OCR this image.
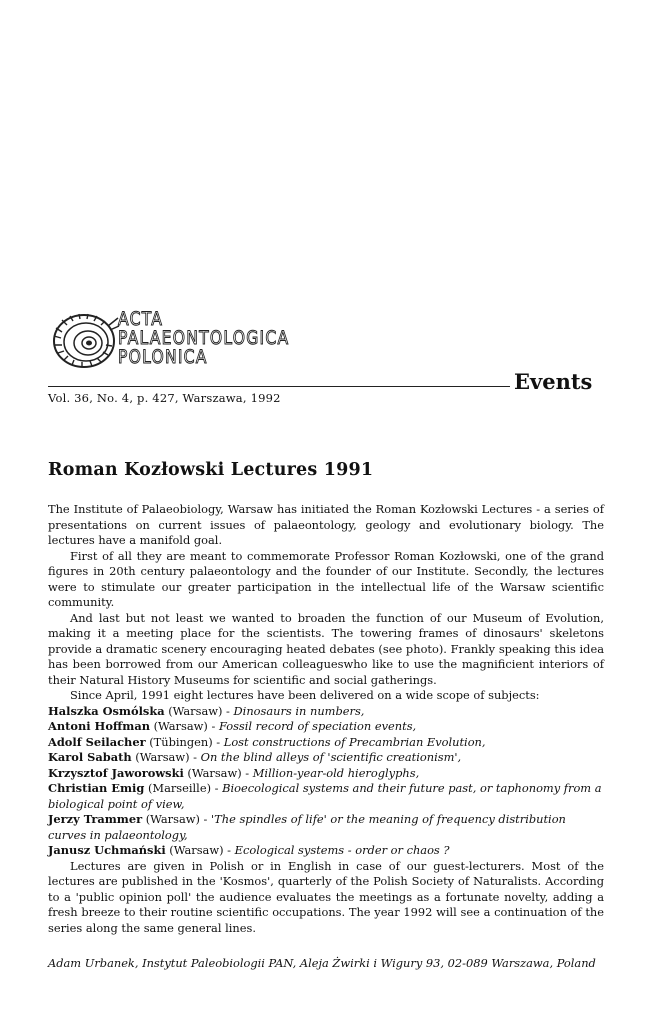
ACTA
PALAEONTOLOGICA
POLONICA
Events
Vol. 36, No. 4, p. 427, Warszawa, 1992
Roman Kozłowski Lectures 1991

The Institute of Palaeobiology, Warsaw has initiated the Roman Kozłowski Lectures - a series of presentations on current issues of palaeontology, geology and evolutionary biology. The lectures have a manifold goal.

First of all they are meant to commemorate Professor Roman Kozłowski, one of the grand figures in 20th century palaeontology and the founder of our Institute. Secondly, the lectures were to stimulate our greater participation in the intellectual life of the Warsaw scientific community.

And last but not least we wanted to broaden the function of our Museum of Evolution, making it a meeting place for the scientists. The towering frames of dinosaurs' skeletons provide a dramatic scenery encouraging heated debates (see photo). Frankly speaking this idea has been borrowed from our American colleagueswho like to use the magnificient interiors of their Natural History Museums for scientific and social gatherings.

Since April, 1991 eight lectures have been delivered on a wide scope of subjects:

Halszka Osmólska (Warsaw) - Dinosaurs in numbers,

Antoni Hoffman (Warsaw) - Fossil record of speciation events,

Adolf Seilacher (Tübingen) - Lost constructions of Precambrian Evolution,

Karol Sabath (Warsaw) - On the blind alleys of 'scientific creationism',

Krzysztof Jaworowski (Warsaw) - Million-year-old hieroglyphs,

Christian Emig (Marseille) - Bioecological systems and their future past, or taphonomy from a biological point of view,

Jerzy Trammer (Warsaw) - 'The spindles of life' or the meaning of frequency distribution curves in palaeontology,

Janusz Uchmański (Warsaw) - Ecological systems - order or chaos ?

Lectures are given in Polish or in English in case of our guest-lecturers. Most of the lectures are published in the 'Kosmos', quarterly of the Polish Society of Naturalists. According to a 'public opinion poll' the audience evaluates the meetings as a fortunate novelty, adding a fresh breeze to their routine scientific occupations. The year 1992 will see a continuation of the series along the same general lines.

Adam Urbanek, Instytut Paleobiologii PAN, Aleja Żwirki i Wigury 93, 02-089 Warszawa, Poland
